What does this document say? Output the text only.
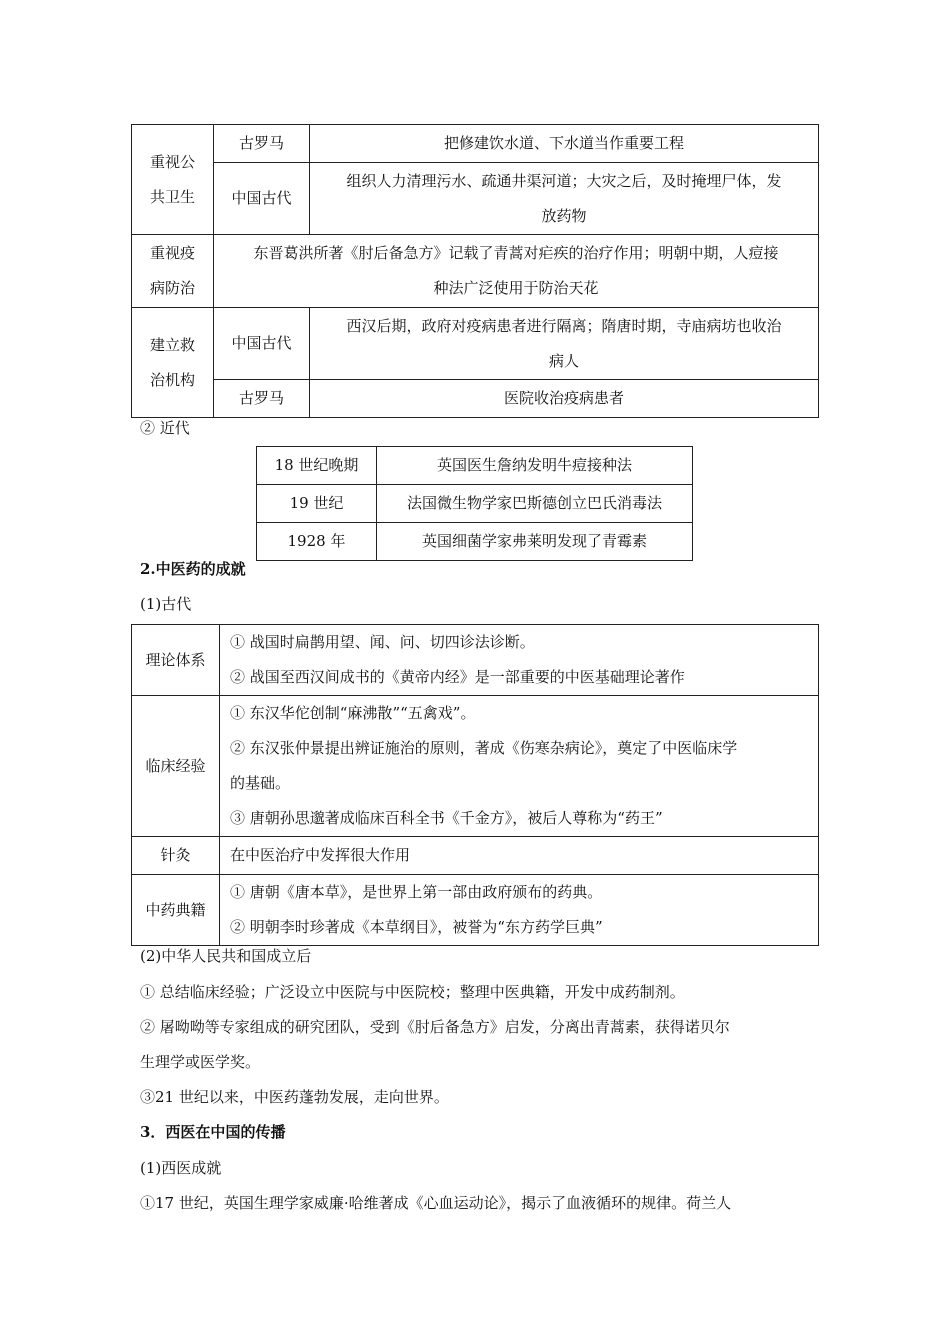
重视公
共卫生	古罗马	把修建饮水道、下水道当作重要工程
	中国古代	组织人力清理污水、疏通井渠河道；大灾之后，及时掩埋尸体，发
放药物

重视疫
病防治	东晋葛洪所著《肘后备急方》记载了青蒿对疟疾的治疗作用；明朝中期，人痘接
种法广泛使用于防治天花	

建立救
治机构	中国古代	西汉后期，政府对疫病患者进行隔离；隋唐时期，寺庙病坊也收治
病人

	古罗马	医院收治疫病患者
② 近代
18 世纪晚期	英国医生詹纳发明牛痘接种法
19 世纪	法国微生物学家巴斯德创立巴氏消毒法
1928 年	英国细菌学家弗莱明发现了青霉素
2.中医药的成就
(1)古代
理论体系	① 战国时扁鹊用望、闻、问、切四诊法诊断。
② 战国至西汉间成书的《黄帝内经》是一部重要的中医基础理论著作

临床经验	① 东汉华佗创制“麻沸散”“五禽戏”。
② 东汉张仲景提出辨证施治的原则，著成《伤寒杂病论》，奠定了中医临床学
的基础。
③ 唐朝孙思邈著成临床百科全书《千金方》，被后人尊称为“药王”

针灸	在中医治疗中发挥很大作用
中药典籍	① 唐朝《唐本草》，是世界上第一部由政府颁布的药典。
② 明朝李时珍著成《本草纲目》，被誉为“东方药学巨典”
(2)中华人民共和国成立后
① 总结临床经验；广泛设立中医院与中医院校；整理中医典籍，开发中成药制剂。
② 屠呦呦等专家组成的研究团队，受到《肘后备急方》启发，分离出青蒿素，获得诺贝尔
生理学或医学奖。
③21 世纪以来，中医药蓬勃发展，走向世界。
3．西医在中国的传播
(1)西医成就
①17 世纪，英国生理学家威廉·哈维著成《心血运动论》，揭示了血液循环的规律。荷兰人
